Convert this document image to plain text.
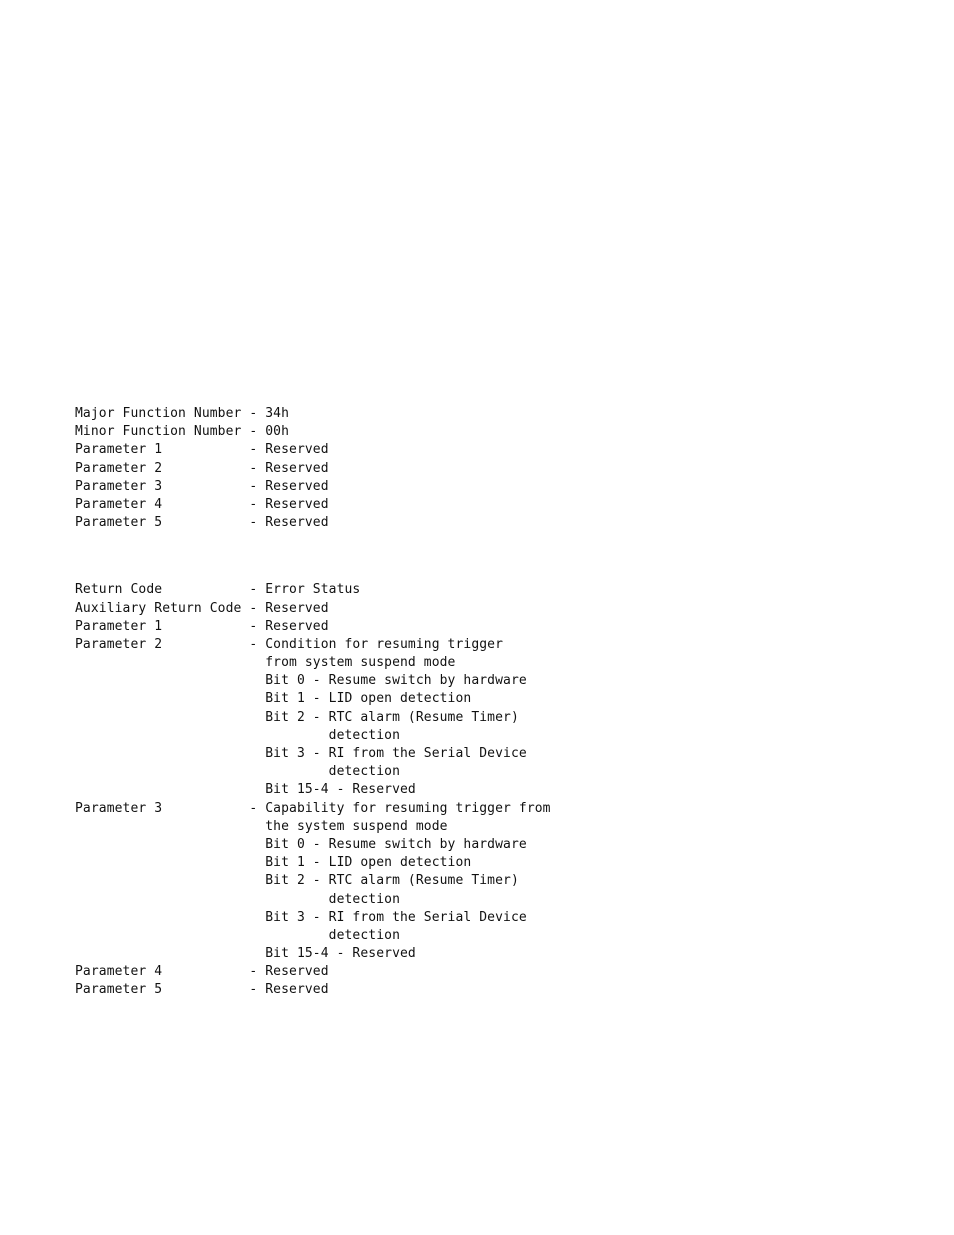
Major Function Number - 34h
Minor Function Number - 00h
Parameter 1           - Reserved
Parameter 2           - Reserved
Parameter 3           - Reserved
Parameter 4           - Reserved
Parameter 5           - Reserved
Return Code           - Error Status
Auxiliary Return Code - Reserved
Parameter 1           - Reserved
Parameter 2           - Condition for resuming trigger
from system suspend mode
Bit 0 - Resume switch by hardware
Bit 1 - LID open detection
Bit 2 - RTC alarm (Resume Timer)
detection
Bit 3 - RI from the Serial Device
detection
Bit 15-4 - Reserved
Parameter 3           - Capability for resuming trigger from
the system suspend mode
Bit 0 - Resume switch by hardware
Bit 1 - LID open detection
Bit 2 - RTC alarm (Resume Timer)
detection
Bit 3 - RI from the Serial Device
detection
Bit 15-4 - Reserved
Parameter 4           - Reserved
Parameter 5           - Reserved
